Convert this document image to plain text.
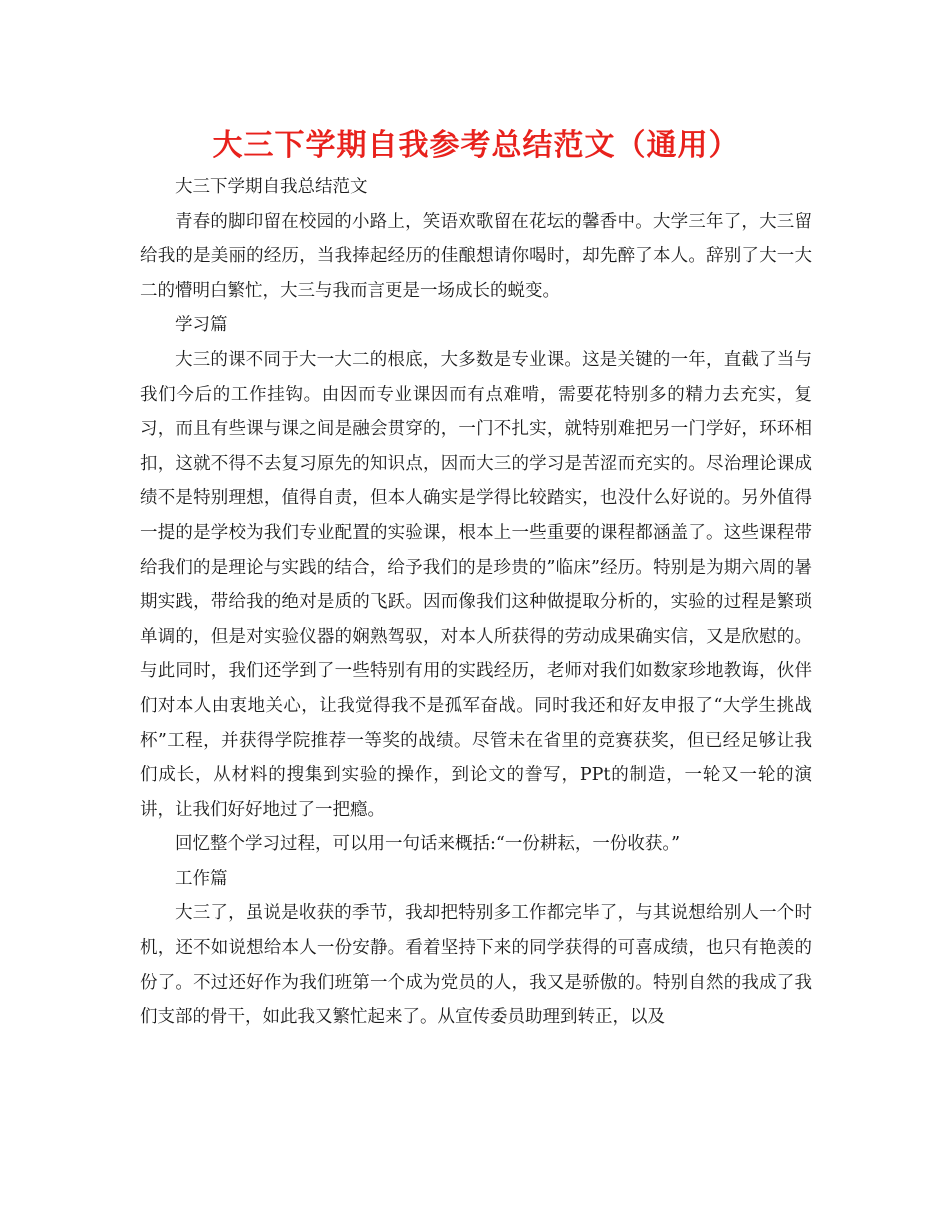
大三下学期自我参考总结范文（通用）

大三下学期自我总结范文

青春的脚印留在校园的小路上，笑语欢歌留在花坛的馨香中。大学三年了，大三留给我的是美丽的经历，当我捧起经历的佳酿想请你喝时，却先醉了本人。辞别了大一大二的懵明白繁忙，大三与我而言更是一场成长的蜕变。

学习篇

大三的课不同于大一大二的根底，大多数是专业课。这是关键的一年，直截了当与我们今后的工作挂钩。由因而专业课因而有点难啃，需要花特别多的精力去充实，复习，而且有些课与课之间是融会贯穿的，一门不扎实，就特别难把另一门学好，环环相扣，这就不得不去复习原先的知识点，因而大三的学习是苦涩而充实的。尽治理论课成绩不是特别理想，值得自责，但本人确实是学得比较踏实，也没什么好说的。另外值得一提的是学校为我们专业配置的实验课，根本上一些重要的课程都涵盖了。这些课程带给我们的是理论与实践的结合，给予我们的是珍贵的”临床”经历。特别是为期六周的暑期实践，带给我的绝对是质的飞跃。因而像我们这种做提取分析的，实验的过程是繁琐单调的，但是对实验仪器的娴熟驾驭，对本人所获得的劳动成果确实信，又是欣慰的。与此同时，我们还学到了一些特别有用的实践经历，老师对我们如数家珍地教诲，伙伴们对本人由衷地关心，让我觉得我不是孤军奋战。同时我还和好友申报了“大学生挑战杯”工程，并获得学院推荐一等奖的战绩。尽管未在省里的竞赛获奖，但已经足够让我们成长，从材料的搜集到实验的操作，到论文的誊写，PPt的制造，一轮又一轮的演讲，让我们好好地过了一把瘾。

回忆整个学习过程，可以用一句话来概括:“一份耕耘，一份收获。”

工作篇

大三了，虽说是收获的季节，我却把特别多工作都完毕了，与其说想给别人一个时机，还不如说想给本人一份安静。看着坚持下来的同学获得的可喜成绩，也只有艳羡的份了。不过还好作为我们班第一个成为党员的人，我又是骄傲的。特别自然的我成了我们支部的骨干，如此我又繁忙起来了。从宣传委员助理到转正，以及
